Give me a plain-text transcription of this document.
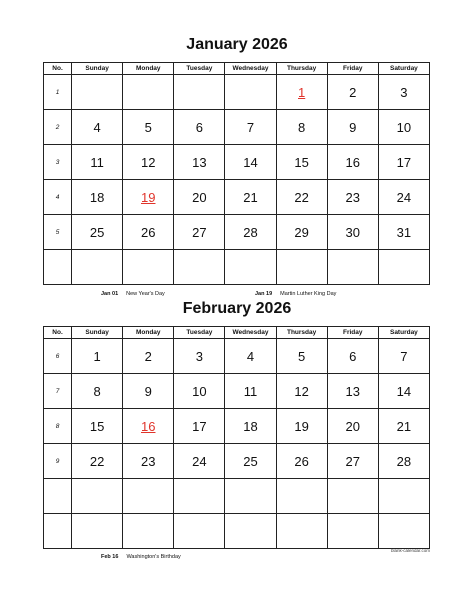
January 2026
No.	Sunday	Monday	Tuesday	Wednesday	Thursday	Friday	Saturday
1					1	2	3
2	4	5	6	7	8	9	10
3	11	12	13	14	15	16	17
4	18	19	20	21	22	23	24
5	25	26	27	28	29	30	31

Jan 01 New Year's Day	Jan 19 Martin Luther King Day
February 2026
No.	Sunday	Monday	Tuesday	Wednesday	Thursday	Friday	Saturday
6	1	2	3	4	5	6	7
7	8	9	10	11	12	13	14
8	15	16	17	18	19	20	21
9	22	23	24	25	26	27	28

blank-calendar.com
Feb 16 Washington's Birthday
